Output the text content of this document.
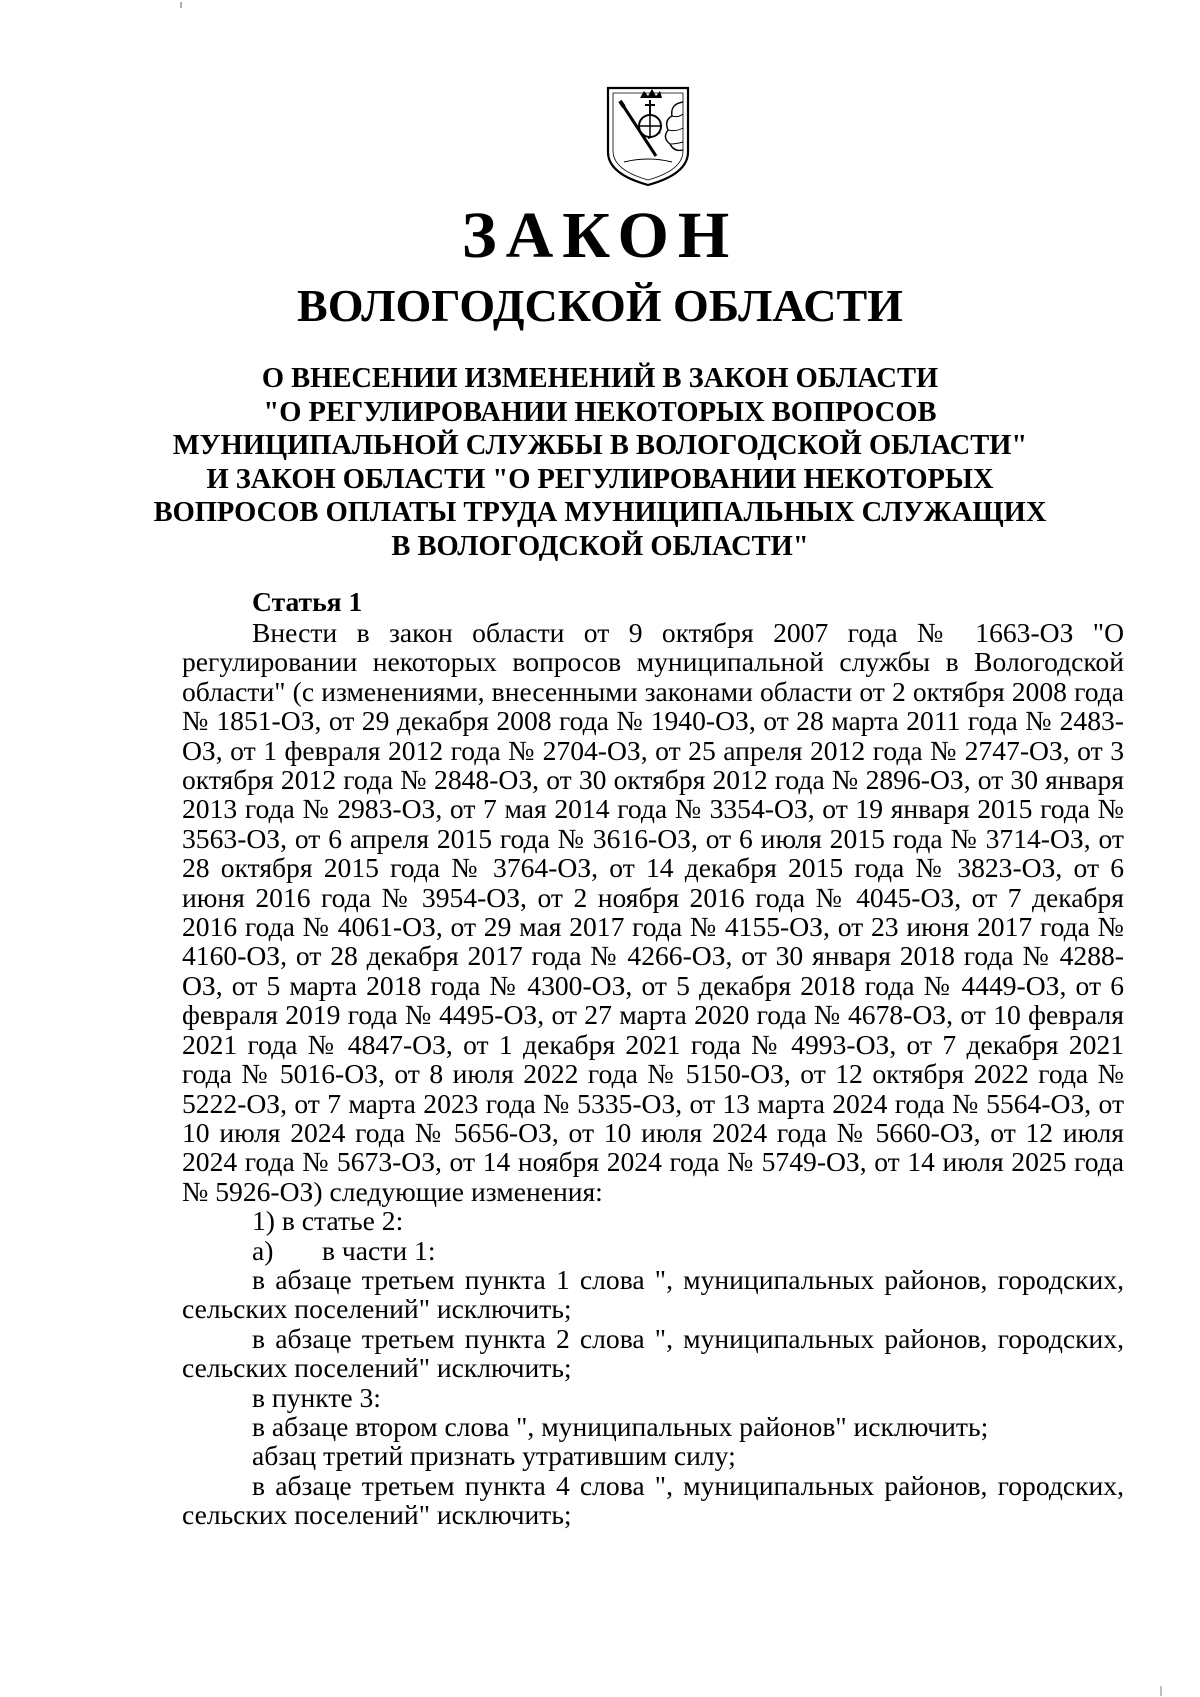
ЗАКОН
ВОЛОГОДСКОЙ ОБЛАСТИ
О ВНЕСЕНИИ ИЗМЕНЕНИЙ В ЗАКОН ОБЛАСТИ
"О РЕГУЛИРОВАНИИ НЕКОТОРЫХ ВОПРОСОВ
МУНИЦИПАЛЬНОЙ СЛУЖБЫ В ВОЛОГОДСКОЙ ОБЛАСТИ"
И ЗАКОН ОБЛАСТИ "О РЕГУЛИРОВАНИИ НЕКОТОРЫХ
ВОПРОСОВ ОПЛАТЫ ТРУДА МУНИЦИПАЛЬНЫХ СЛУЖАЩИХ
В ВОЛОГОДСКОЙ ОБЛАСТИ"

Статья 1

Внести в закон области от 9 октября 2007 года № 1663-ОЗ "О регулировании некоторых вопросов муниципальной службы в Вологодской области" (с изменениями, внесенными законами области от 2 октября 2008 года № 1851-ОЗ, от 29 декабря 2008 года № 1940-ОЗ, от 28 марта 2011 года № 2483-ОЗ, от 1 февраля 2012 года № 2704-ОЗ, от 25 апреля 2012 года № 2747-ОЗ, от 3 октября 2012 года № 2848-ОЗ, от 30 октября 2012 года № 2896-ОЗ, от 30 января 2013 года № 2983-ОЗ, от 7 мая 2014 года № 3354-ОЗ, от 19 января 2015 года № 3563-ОЗ, от 6 апреля 2015 года № 3616-ОЗ, от 6 июля 2015 года № 3714-ОЗ, от 28 октября 2015 года № 3764-ОЗ, от 14 декабря 2015 года № 3823-ОЗ, от 6 июня 2016 года № 3954-ОЗ, от 2 ноября 2016 года № 4045-ОЗ, от 7 декабря 2016 года № 4061-ОЗ, от 29 мая 2017 года № 4155-ОЗ, от 23 июня 2017 года № 4160-ОЗ, от 28 декабря 2017 года № 4266-ОЗ, от 30 января 2018 года № 4288-ОЗ, от 5 марта 2018 года № 4300-ОЗ, от 5 декабря 2018 года № 4449-ОЗ, от 6 февраля 2019 года № 4495-ОЗ, от 27 марта 2020 года № 4678-ОЗ, от 10 февраля 2021 года № 4847-ОЗ, от 1 декабря 2021 года № 4993-ОЗ, от 7 декабря 2021 года № 5016-ОЗ, от 8 июля 2022 года № 5150-ОЗ, от 12 октября 2022 года № 5222-ОЗ, от 7 марта 2023 года № 5335-ОЗ, от 13 марта 2024 года № 5564-ОЗ, от 10 июля 2024 года № 5656-ОЗ, от 10 июля 2024 года № 5660-ОЗ, от 12 июля 2024 года № 5673-ОЗ, от 14 ноября 2024 года № 5749-ОЗ, от 14 июля 2025 года № 5926-ОЗ) следующие изменения:

1) в статье 2:

а) в части 1:

в абзаце третьем пункта 1 слова ", муниципальных районов, городских, сельских поселений" исключить;

в абзаце третьем пункта 2 слова ", муниципальных районов, городских, сельских поселений" исключить;

в пункте 3:

в абзаце втором слова ", муниципальных районов" исключить;

абзац третий признать утратившим силу;

в абзаце третьем пункта 4 слова ", муниципальных районов, городских, сельских поселений" исключить;
